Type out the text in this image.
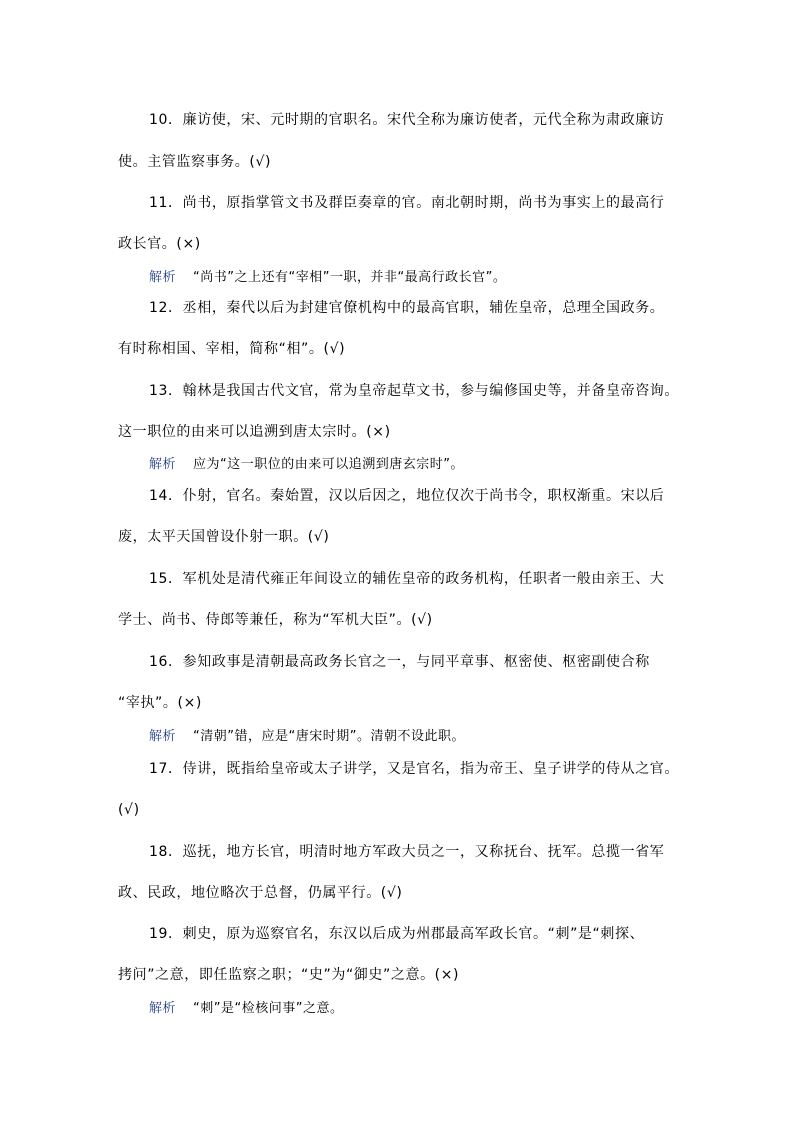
10．廉访使，宋、元时期的官职名。宋代全称为廉访使者，元代全称为肃政廉访
使。主管监察事务。(√)
11．尚书，原指掌管文书及群臣奏章的官。南北朝时期，尚书为事实上的最高行
政长官。(×)
解析 “尚书”之上还有“宰相”一职，并非“最高行政长官”。
12．丞相，秦代以后为封建官僚机构中的最高官职，辅佐皇帝，总理全国政务。
有时称相国、宰相，简称“相”。(√)
13．翰林是我国古代文官，常为皇帝起草文书，参与编修国史等，并备皇帝咨询。
这一职位的由来可以追溯到唐太宗时。(×)
解析 应为“这一职位的由来可以追溯到唐玄宗时”。
14．仆射，官名。秦始置，汉以后因之，地位仅次于尚书令，职权渐重。宋以后
废，太平天国曾设仆射一职。(√)
15．军机处是清代雍正年间设立的辅佐皇帝的政务机构，任职者一般由亲王、大
学士、尚书、侍郎等兼任，称为“军机大臣”。(√)
16．参知政事是清朝最高政务长官之一，与同平章事、枢密使、枢密副使合称
“宰执”。(×)
解析 “清朝”错，应是“唐宋时期”。清朝不设此职。
17．侍讲，既指给皇帝或太子讲学，又是官名，指为帝王、皇子讲学的侍从之官。
(√)
18．巡抚，地方长官，明清时地方军政大员之一，又称抚台、抚军。总揽一省军
政、民政，地位略次于总督，仍属平行。(√)
19．刺史，原为巡察官名，东汉以后成为州郡最高军政长官。“刺”是“刺探、
拷问”之意，即任监察之职；“史”为“御史”之意。(×)
解析 “刺”是“检核问事”之意。
